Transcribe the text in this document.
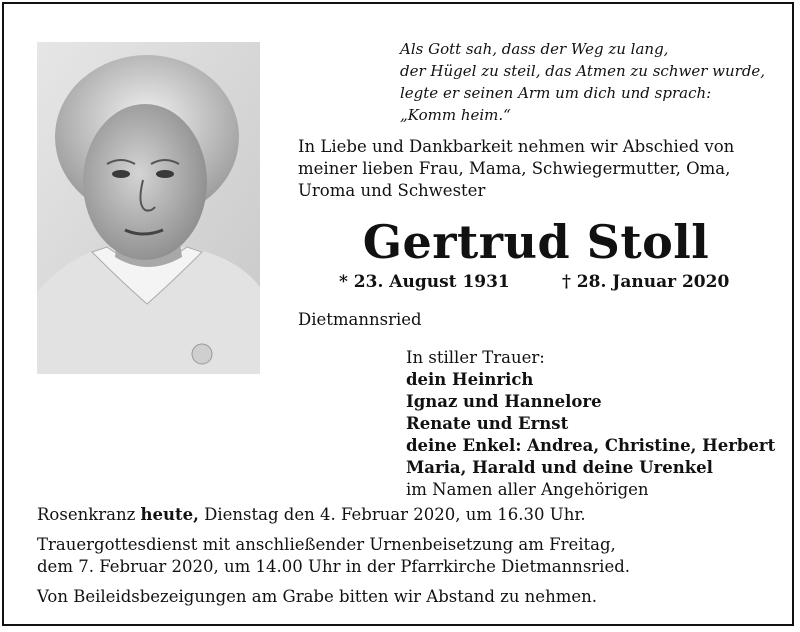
Als Gott sah, dass der Weg zu lang,
der Hügel zu steil, das Atmen zu schwer wurde,
legte er seinen Arm um dich und sprach:
„Komm heim.“
In Liebe und Dankbarkeit nehmen wir Abschied von
meiner lieben Frau, Mama, Schwiegermutter, Oma,
Uroma und Schwester
Gertrud Stoll
* 23. August 1931	† 28. Januar 2020
Dietmannsried
In stiller Trauer:
dein Heinrich
Ignaz und Hannelore
Renate und Ernst
deine Enkel: Andrea, Christine, Herbert
Maria, Harald und deine Urenkel
im Namen aller Angehörigen
Rosenkranz heute, Dienstag den 4. Februar 2020, um 16.30 Uhr.
Trauergottesdienst mit anschließender Urnenbeisetzung am Freitag,
dem 7. Februar 2020, um 14.00 Uhr in der Pfarrkirche Dietmannsried.
Von Beileidsbezeigungen am Grabe bitten wir Abstand zu nehmen.
